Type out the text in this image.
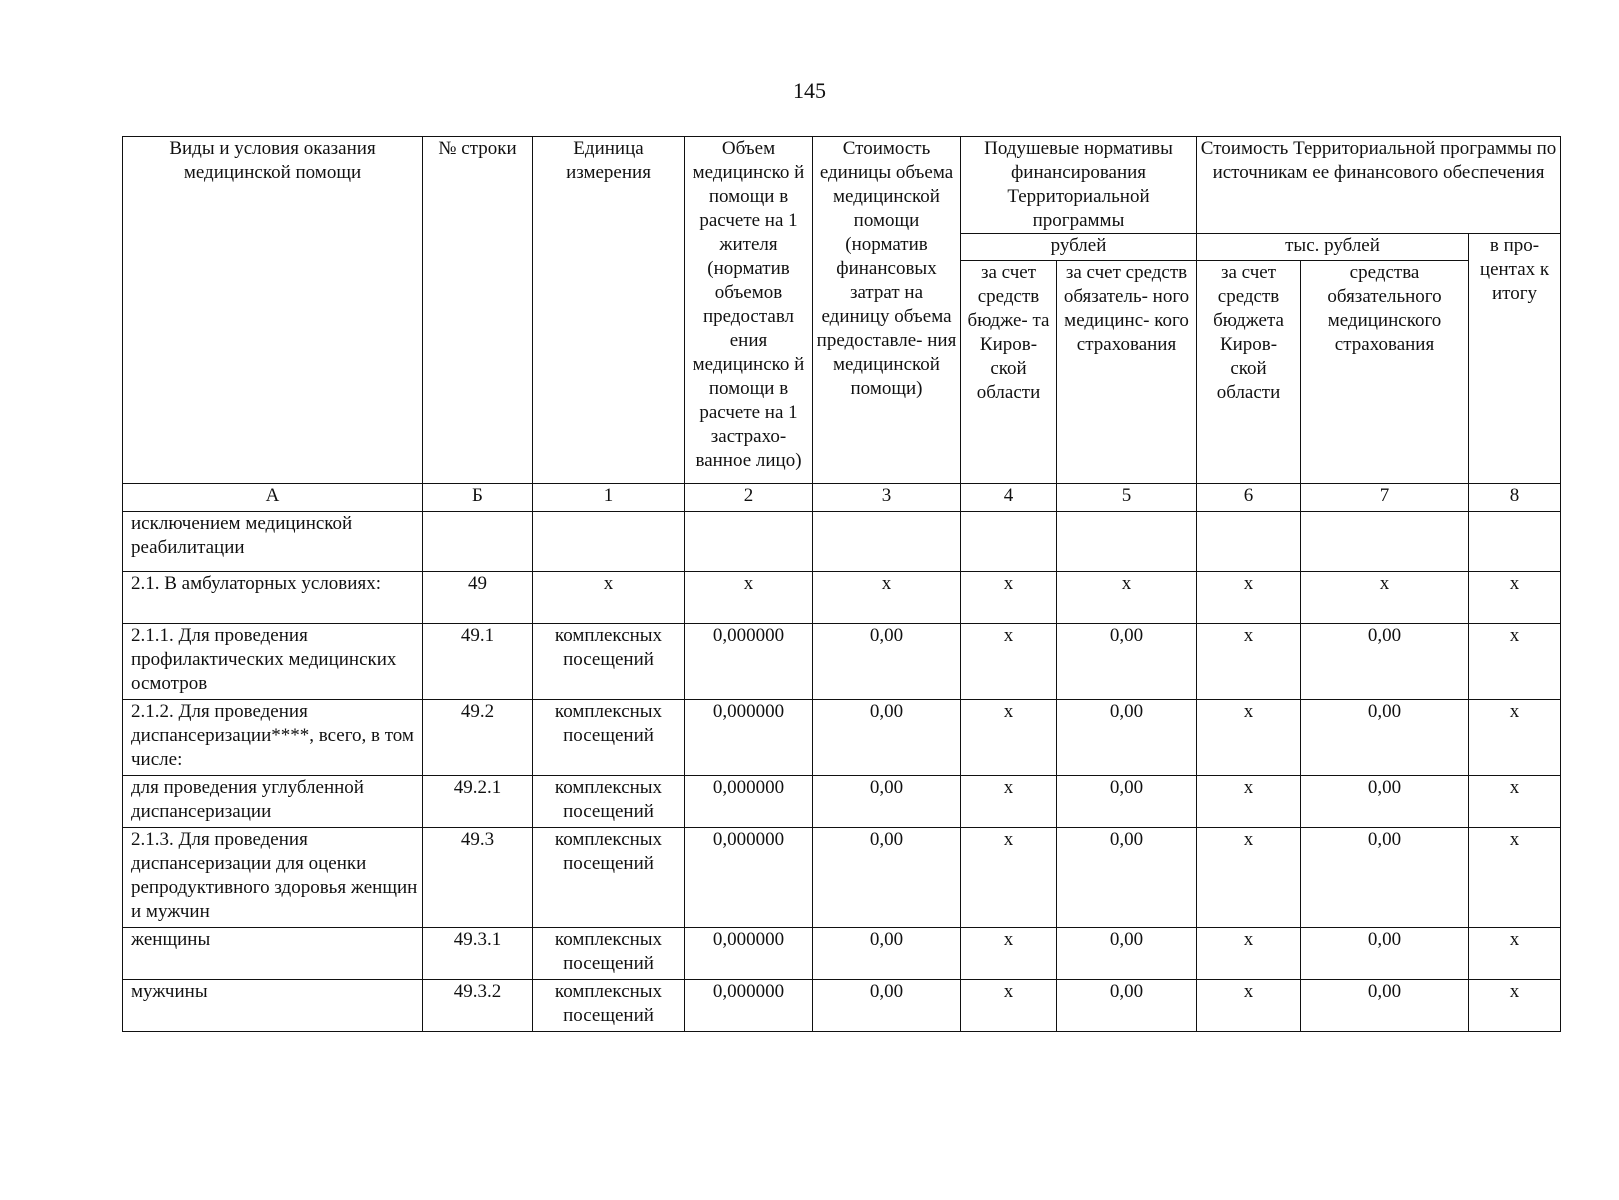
145
Виды и условия оказания медицинской помощи	№ строки	Единица измерения	Объем медицинско й помощи в расчете на 1 жителя (норматив объемов предоставл ения медицинско й помощи в расчете на 1 застрахо- ванное лицо)	Стоимость единицы объема медицинской помощи (норматив финансовых затрат на единицу объема предоставле- ния медицинской помощи)	Подушевые нормативы финансирования Территориальной программы		Стоимость Территориальной программы по источникам ее финансового обеспечения		
					рублей		тыс. рублей		в про- центах к итогу
					за счет средств бюдже- та Киров- ской области	за счет средств обязатель- ного медицинс- кого страхования	за счет средств бюджета Киров- ской области	средства обязательного медицинского страхования	
А	Б	1	2	3	4	5	6	7	8
исключением медицинской реабилитации									
2.1. В амбулаторных условиях:	49	х	х	х	х	х	х	х	х
2.1.1. Для проведения профилактических медицинских осмотров	49.1	комплексных посещений	0,000000	0,00	х	0,00	х	0,00	х
2.1.2. Для проведения диспансеризации****, всего, в том числе:	49.2	комплексных посещений	0,000000	0,00	х	0,00	х	0,00	х
для проведения углубленной диспансеризации	49.2.1	комплексных посещений	0,000000	0,00	х	0,00	х	0,00	х
2.1.3. Для проведения диспансеризации для оценки репродуктивного здоровья женщин и мужчин	49.3	комплексных посещений	0,000000	0,00	х	0,00	х	0,00	х
женщины	49.3.1	комплексных посещений	0,000000	0,00	х	0,00	х	0,00	х
мужчины	49.3.2	комплексных посещений	0,000000	0,00	х	0,00	х	0,00	х
